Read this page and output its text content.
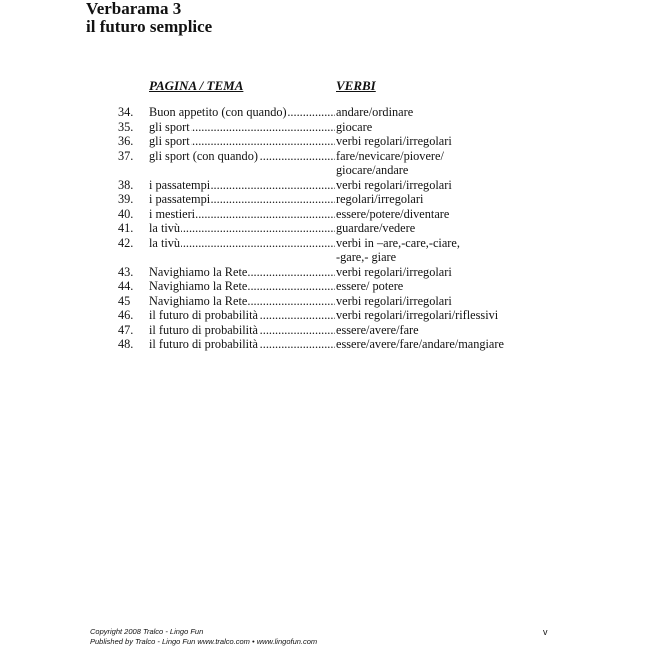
Verbarama 3
il futuro semplice
PAGINA / TEMA	VERBI
34. Buon appetito (con quando) .....	andare/ordinare
35. gli sport .....	giocare
36. gli sport .....	verbi regolari/irregolari
37. gli sport (con quando) .....	fare/nevicare/piovere/
giocare/andare
38. i passatempi .....	verbi regolari/irregolari
39. i passatempi .....	regolari/irregolari
40. i mestieri .....	essere/potere/diventare
41. la tivù .....	guardare/vedere
42. la tivù .....	verbi in –are,-care,-ciare,
-gare,- giare
43. Navighiamo la Rete .....	verbi regolari/irregolari
44. Navighiamo la Rete .....	essere/ potere
45 Navighiamo la Rete .....	verbi regolari/irregolari
46. il futuro di probabilità .....	verbi regolari/irregolari/riflessivi
47. il futuro di probabilità .....	essere/avere/fare
48. il futuro di probabilità .....	essere/avere/fare/andare/mangiare
Copyright 2008 Tralco - Lingo Fun
Published by Tralco - Lingo Fun www.tralco.com • www.lingofun.com
v
